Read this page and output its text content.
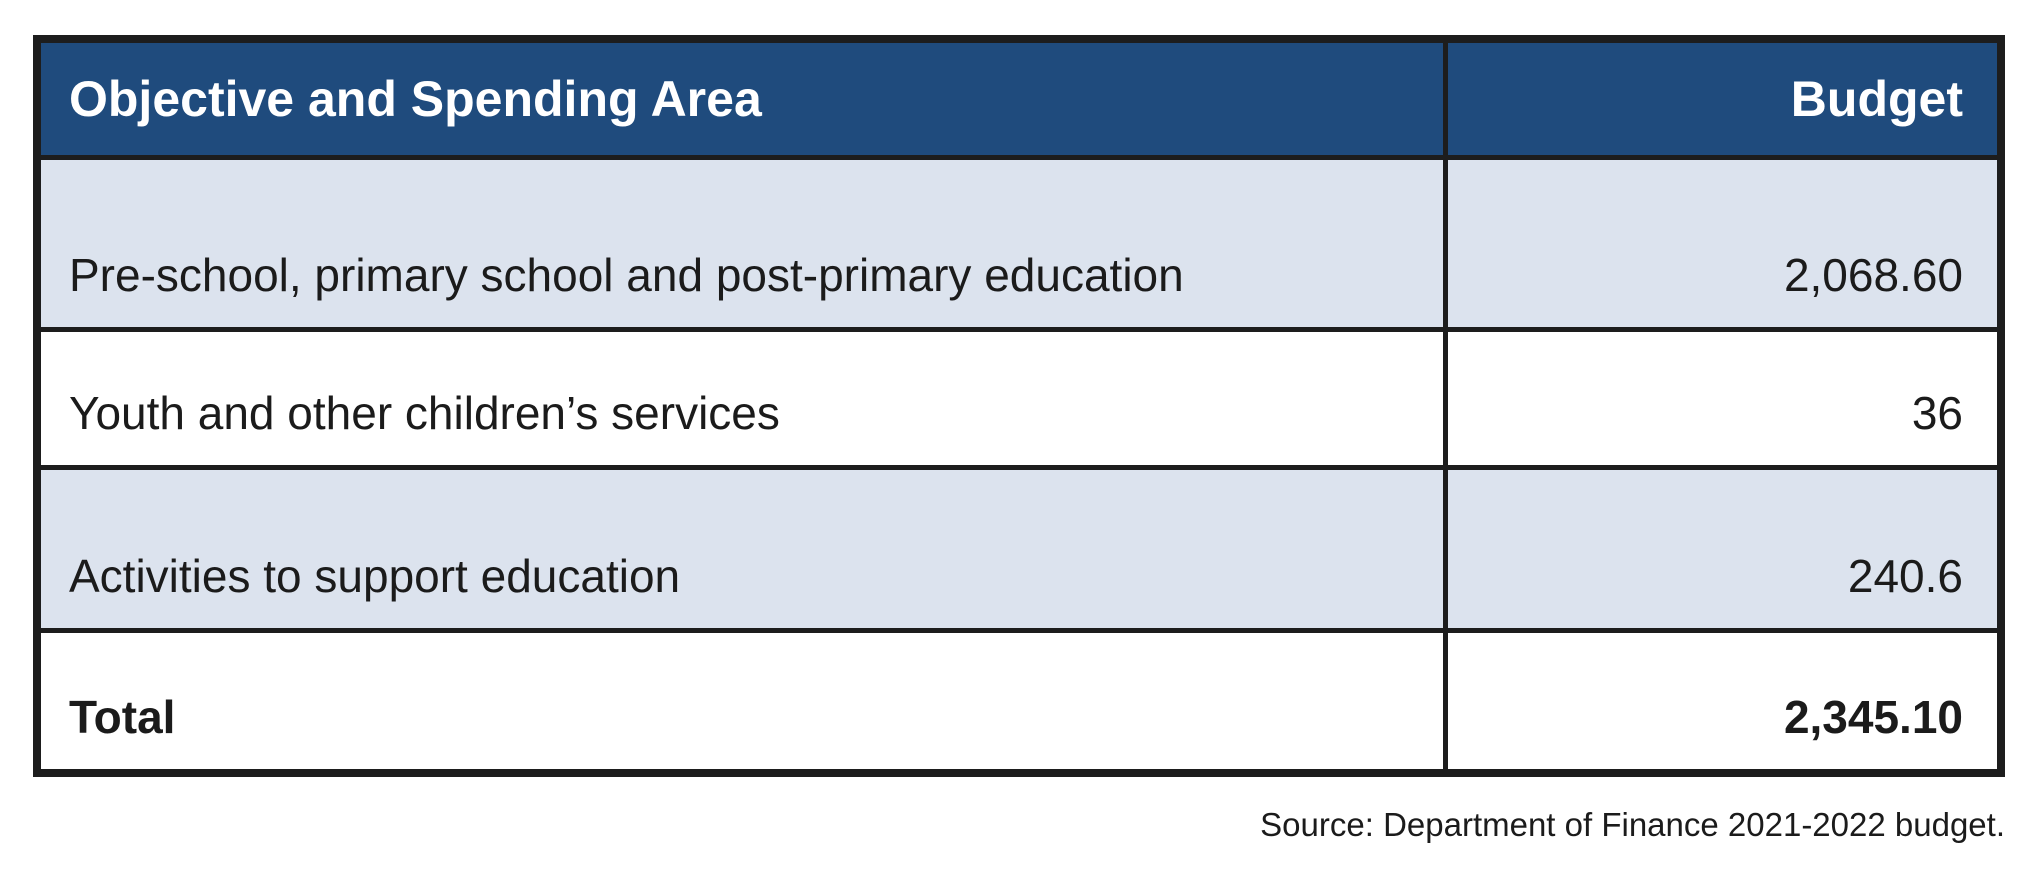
Objective and Spending Area	Budget
Pre-school, primary school and post-primary education	2,068.60
Youth and other children’s services	36
Activities to support education	240.6
Total	2,345.10
Source: Department of Finance 2021-2022 budget.
